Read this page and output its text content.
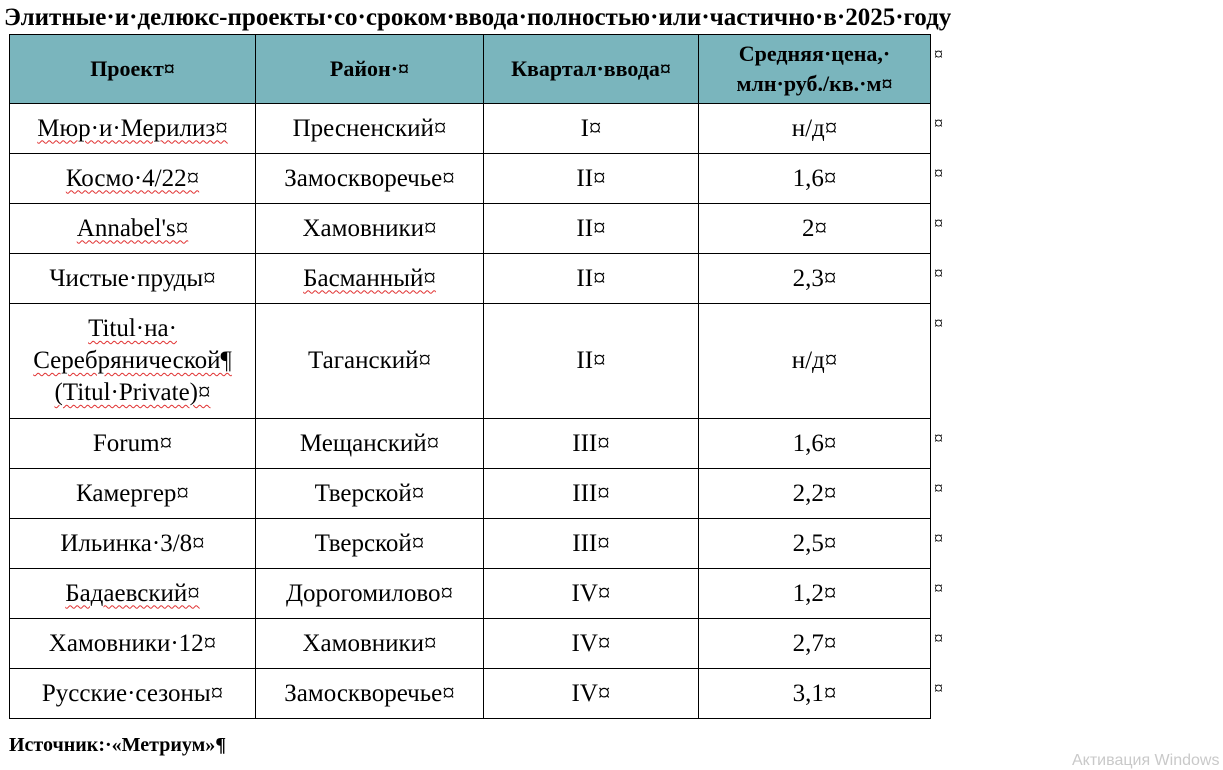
Элитные·и·делюкс-проекты·со·сроком·ввода·полностью·или·частично·в·2025·году
Проект¤	Район·¤	Квартал·ввода¤	Средняя·цена,·
млн·руб./кв.·м¤
Мюр·и·Мерилиз¤	Пресненский¤	I¤	н/д¤
Космо·4/22¤	Замоскворечье¤	II¤	1,6¤
Annabel's¤	Хамовники¤	II¤	2¤
Чистые·пруды¤	Басманный¤	II¤	2,3¤
Titul·на·
Серебрянической¶
(Titul·Private)¤	Таганский¤	II¤	н/д¤
Forum¤	Мещанский¤	III¤	1,6¤
Камергер¤	Тверской¤	III¤	2,2¤
Ильинка·3/8¤	Тверской¤	III¤	2,5¤
Бадаевский¤	Дорогомилово¤	IV¤	1,2¤
Хамовники·12¤	Хамовники¤	IV¤	2,7¤
Русские·сезоны¤	Замоскворечье¤	IV¤	3,1¤
¤
¤
¤
¤
¤
¤
¤
¤
¤
¤
¤
¤
Источник:·«Метриум»¶
Активация Windows
